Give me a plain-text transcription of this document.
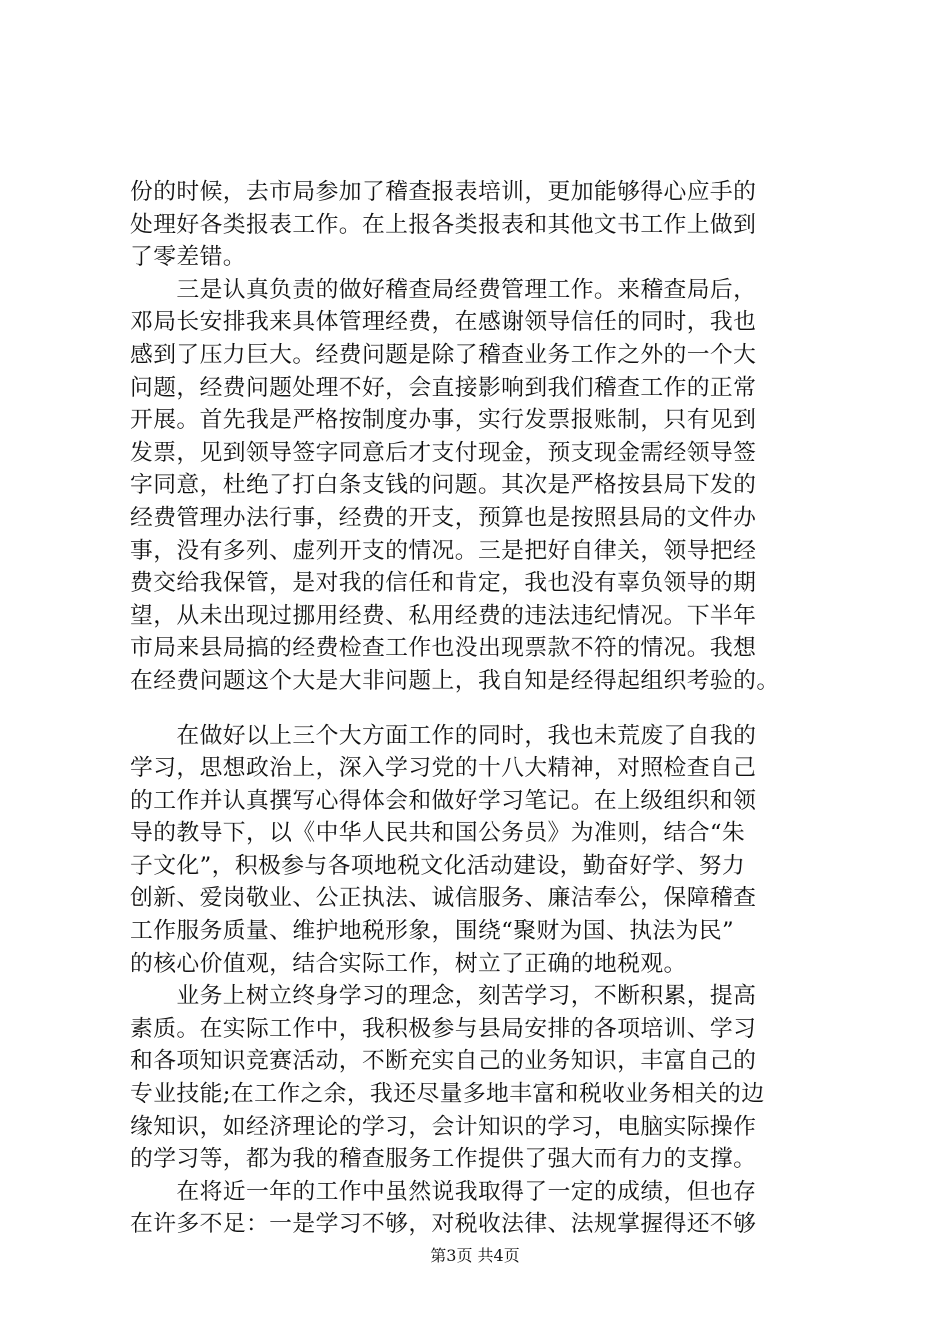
份的时候，去市局参加了稽查报表培训，更加能够得心应手的
处理好各类报表工作。在上报各类报表和其他文书工作上做到
了零差错。
　　三是认真负责的做好稽查局经费管理工作。来稽查局后，
邓局长安排我来具体管理经费，在感谢领导信任的同时，我也
感到了压力巨大。经费问题是除了稽查业务工作之外的一个大
问题，经费问题处理不好，会直接影响到我们稽查工作的正常
开展。首先我是严格按制度办事，实行发票报账制，只有见到
发票，见到领导签字同意后才支付现金，预支现金需经领导签
字同意，杜绝了打白条支钱的问题。其次是严格按县局下发的
经费管理办法行事，经费的开支，预算也是按照县局的文件办
事，没有多列、虚列开支的情况。三是把好自律关，领导把经
费交给我保管，是对我的信任和肯定，我也没有辜负领导的期
望，从未出现过挪用经费、私用经费的违法违纪情况。下半年
市局来县局搞的经费检查工作也没出现票款不符的情况。我想
在经费问题这个大是大非问题上，我自知是经得起组织考验的。
　　在做好以上三个大方面工作的同时，我也未荒废了自我的
学习，思想政治上，深入学习党的十八大精神，对照检查自己
的工作并认真撰写心得体会和做好学习笔记。在上级组织和领
导的教导下，以《中华人民共和国公务员》为准则，结合“朱
子文化”，积极参与各项地税文化活动建设，勤奋好学、努力
创新、爱岗敬业、公正执法、诚信服务、廉洁奉公，保障稽查
工作服务质量、维护地税形象，围绕“聚财为国、执法为民”
的核心价值观，结合实际工作，树立了正确的地税观。
　　业务上树立终身学习的理念，刻苦学习，不断积累，提高
素质。在实际工作中，我积极参与县局安排的各项培训、学习
和各项知识竞赛活动，不断充实自己的业务知识，丰富自己的
专业技能;在工作之余，我还尽量多地丰富和税收业务相关的边
缘知识，如经济理论的学习，会计知识的学习，电脑实际操作
的学习等，都为我的稽查服务工作提供了强大而有力的支撑。
　　在将近一年的工作中虽然说我取得了一定的成绩，但也存
在许多不足：一是学习不够，对税收法律、法规掌握得还不够
第3页 共4页
